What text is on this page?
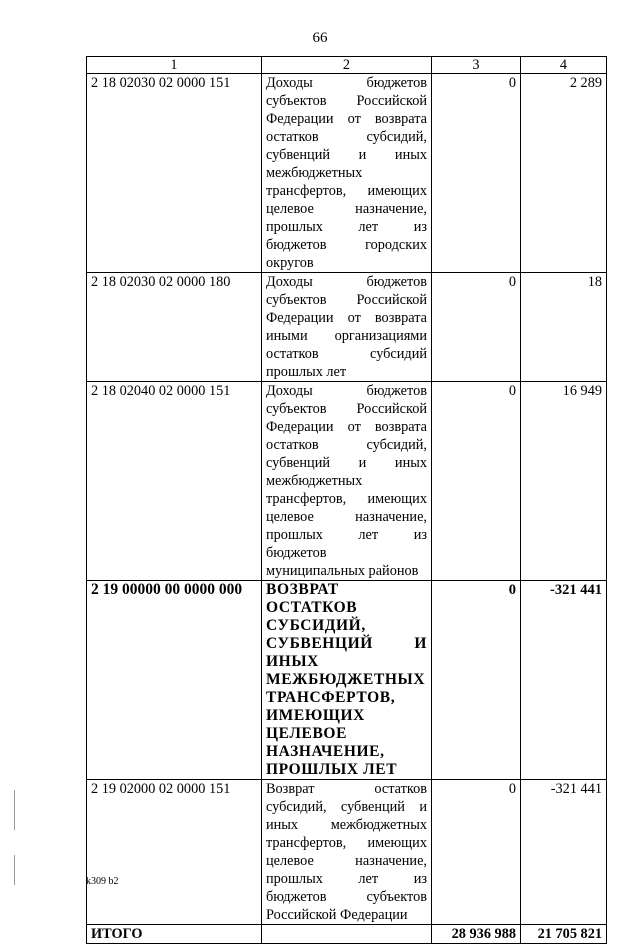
66
1	2	3	4
2 18 02030 02 0000 151	Доходы бюджетов субъектов Российской Федерации от возврата остатков субсидий, субвенций и иных межбюджетных трансфертов, имеющих целевое назначение, прошлых лет из бюджетов городских округов	0	2 289
2 18 02030 02 0000 180	Доходы бюджетов субъектов Российской Федерации от возврата иными организациями остатков субсидий прошлых лет	0	18
2 18 02040 02 0000 151	Доходы бюджетов субъектов Российской Федерации от возврата остатков субсидий, субвенций и иных межбюджетных трансфертов, имеющих целевое назначение, прошлых лет из бюджетов муниципальных районов	0	16 949
2 19 00000 00 0000 000	ВОЗВРАТ ОСТАТКОВ СУБСИДИЙ, СУБВЕНЦИЙ И ИНЫХ МЕЖБЮДЖЕТНЫХ ТРАНСФЕРТОВ, ИМЕЮЩИХ ЦЕЛЕВОЕ НАЗНАЧЕНИЕ, ПРОШЛЫХ ЛЕТ	0	-321 441
2 19 02000 02 0000 151	Возврат остатков субсидий, субвенций и иных межбюджетных трансфертов, имеющих целевое назначение, прошлых лет из бюджетов субъектов Российской Федерации	0	-321 441
ИТОГО		28 936 988	21 705 821
k309 b2
